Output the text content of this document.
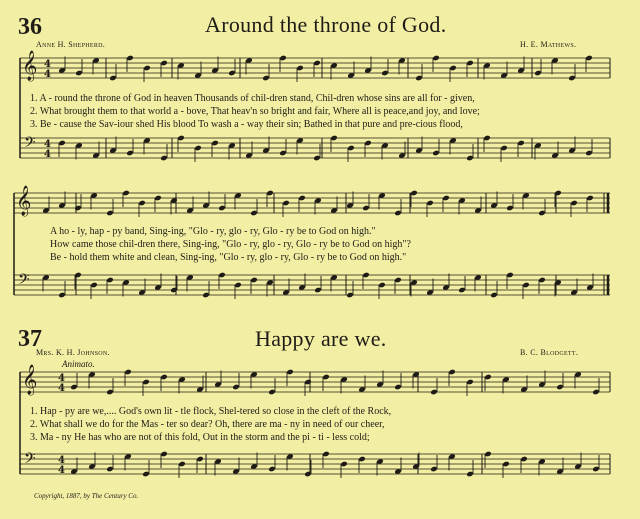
36	Around the throne of God.
Anne H. Shepherd.	H. E. Mathews.
1. A - round the throne of God in heaven Thousands of chil-dren stand, Chil-dren whose sins are all for - given,
2. What brought them to that world a - bove, That heav'n so bright and fair, Where all is peace,and joy, and love;
3. Be - cause the Sav-iour shed His blood To wash a - way their sin; Bathed in that pure and pre-cious flood,
A ho - ly, hap - py band, Sing-ing, "Glo - ry, glo - ry, Glo - ry be to God on high."
How came those chil-dren there, Sing-ing, "Glo - ry, glo - ry, Glo - ry be to God on high"?
Be - hold them white and clean, Sing-ing, "Glo - ry, glo - ry, Glo - ry be to God on high."
37	Happy are we.
Mrs. K. H. Johnson.	B. C. Blodgett.
Animato.
1. Hap - py are we,.... God's own lit - tle flock, Shel-tered so close in the cleft of the Rock,
2. What shall we do for the Mas - ter so dear? Oh, there are ma - ny in need of our cheer,
3. Ma - ny He has who are not of this fold, Out in the storm and the pi - ti - less cold;
Copyright, 1887, by The Century Co.
𝄞
𝄢
4
4
4
4
𝄞
𝄢
𝄞
𝄢
4
4
4
4
